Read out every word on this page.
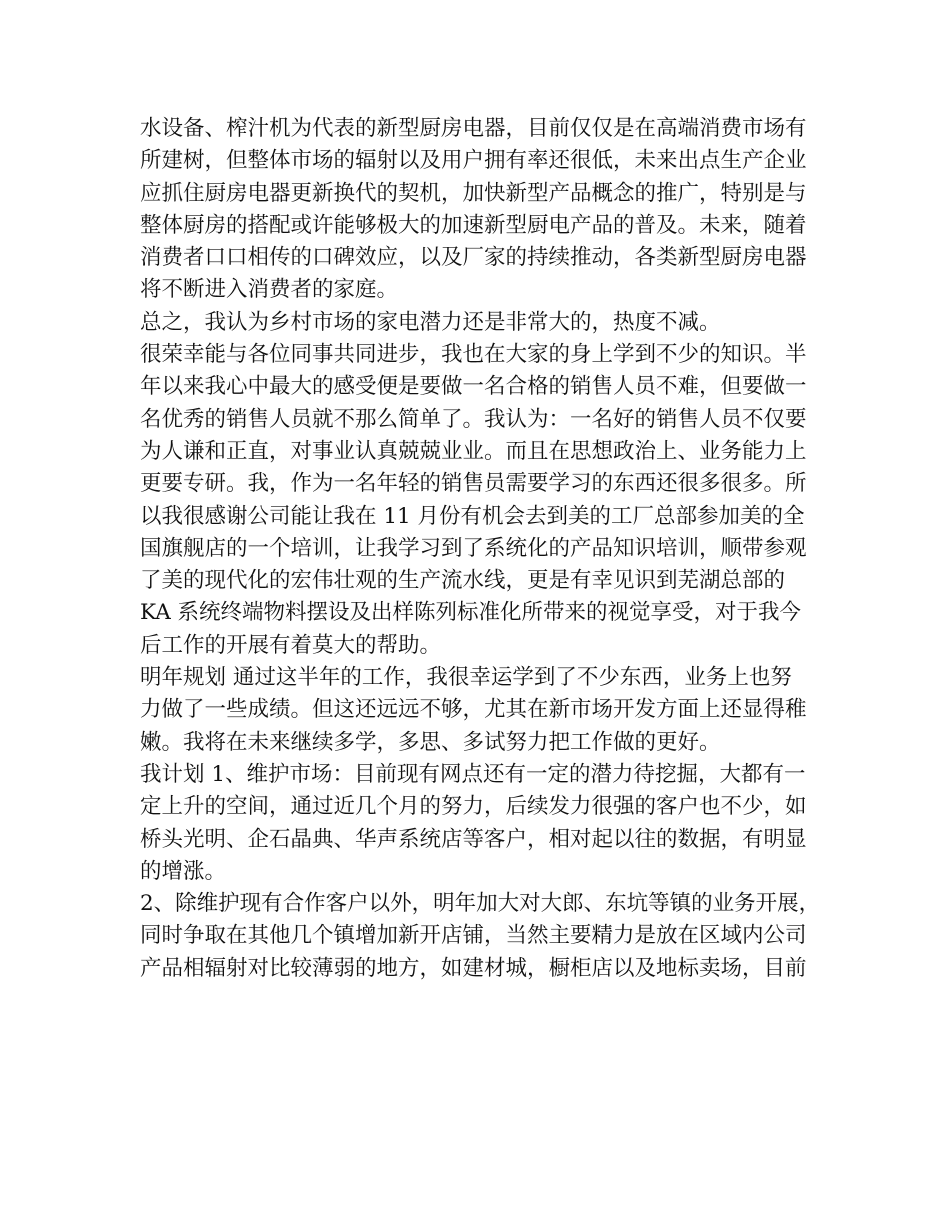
水设备、榨汁机为代表的新型厨房电器，目前仅仅是在高端消费市场有
所建树，但整体市场的辐射以及用户拥有率还很低，未来出点生产企业
应抓住厨房电器更新换代的契机，加快新型产品概念的推广，特别是与
整体厨房的搭配或许能够极大的加速新型厨电产品的普及。未来，随着
消费者口口相传的口碑效应，以及厂家的持续推动，各类新型厨房电器
将不断进入消费者的家庭。
总之，我认为乡村市场的家电潜力还是非常大的，热度不减。
很荣幸能与各位同事共同进步，我也在大家的身上学到不少的知识。半
年以来我心中最大的感受便是要做一名合格的销售人员不难，但要做一
名优秀的销售人员就不那么简单了。我认为：一名好的销售人员不仅要
为人谦和正直，对事业认真兢兢业业。而且在思想政治上、业务能力上
更要专研。我，作为一名年轻的销售员需要学习的东西还很多很多。所
以我很感谢公司能让我在 11 月份有机会去到美的工厂总部参加美的全
国旗舰店的一个培训，让我学习到了系统化的产品知识培训，顺带参观
了美的现代化的宏伟壮观的生产流水线，更是有幸见识到芜湖总部的
KA 系统终端物料摆设及出样陈列标准化所带来的视觉享受，对于我今
后工作的开展有着莫大的帮助。
明年规划 通过这半年的工作，我很幸运学到了不少东西，业务上也努
力做了一些成绩。但这还远远不够，尤其在新市场开发方面上还显得稚
嫩。我将在未来继续多学，多思、多试努力把工作做的更好。
我计划 1、维护市场：目前现有网点还有一定的潜力待挖掘，大都有一
定上升的空间，通过近几个月的努力，后续发力很强的客户也不少，如
桥头光明、企石晶典、华声系统店等客户，相对起以往的数据，有明显
的增涨。
2、除维护现有合作客户以外，明年加大对大郎、东坑等镇的业务开展，
同时争取在其他几个镇增加新开店铺，当然主要精力是放在区域内公司
产品相辐射对比较薄弱的地方，如建材城，橱柜店以及地标卖场，目前
